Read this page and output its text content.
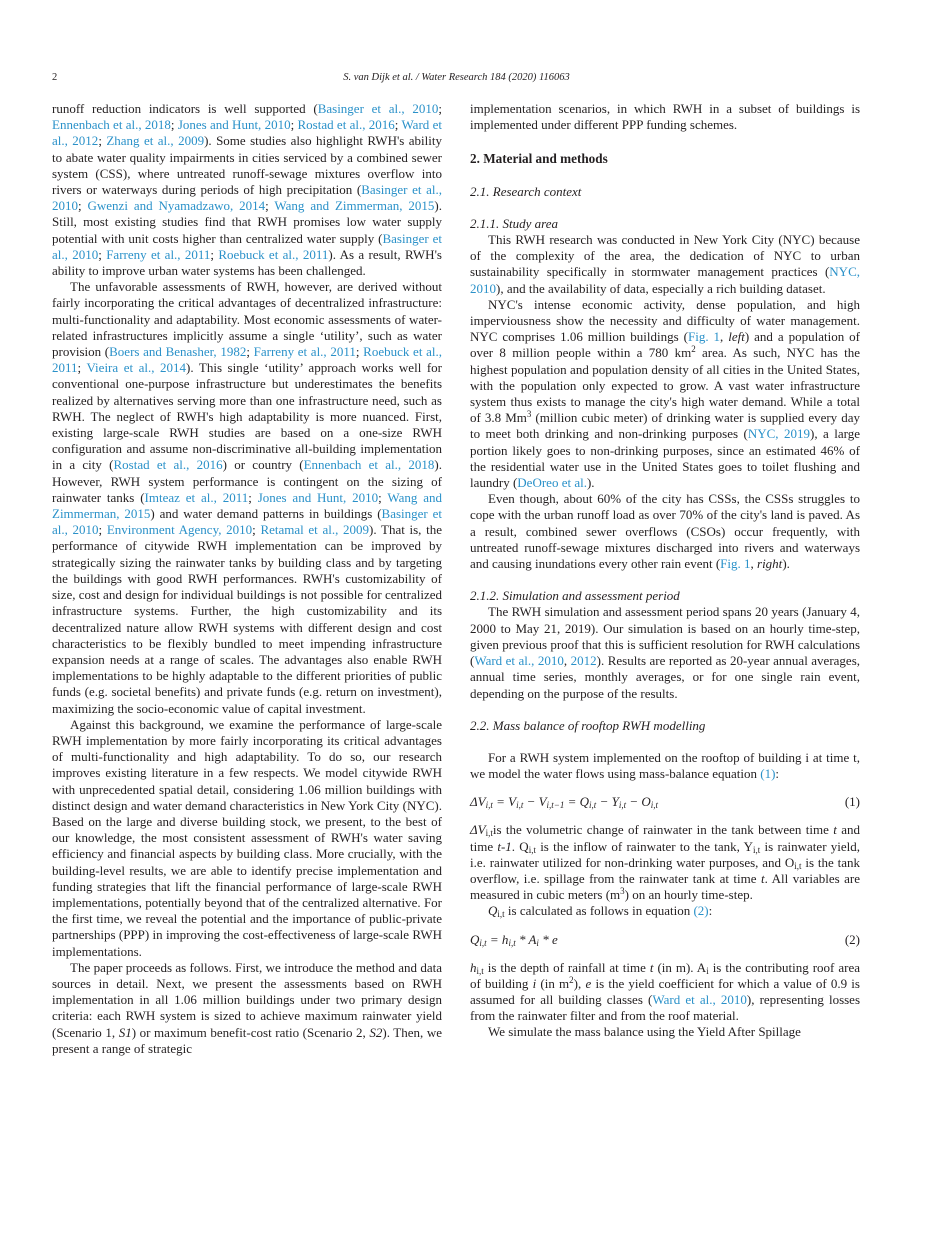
2	S. van Dijk et al. / Water Research 184 (2020) 116063

runoff reduction indicators is well supported (Basinger et al., 2010; Ennenbach et al., 2018; Jones and Hunt, 2010; Rostad et al., 2016; Ward et al., 2012; Zhang et al., 2009). Some studies also highlight RWH's ability to abate water quality impairments in cities serviced by a combined sewer system (CSS), where untreated runoff-sewage mixtures overflow into rivers or waterways during periods of high precipitation (Basinger et al., 2010; Gwenzi and Nyamadzawo, 2014; Wang and Zimmerman, 2015). Still, most existing studies find that RWH promises low water supply potential with unit costs higher than centralized water supply (Basinger et al., 2010; Farreny et al., 2011; Roebuck et al., 2011). As a result, RWH's ability to improve urban water systems has been challenged.

The unfavorable assessments of RWH, however, are derived without fairly incorporating the critical advantages of decentralized infrastructure: multi-functionality and adaptability. Most economic assessments of water-related infrastructures implicitly assume a single ‘utility’, such as water provision (Boers and Benasher, 1982; Farreny et al., 2011; Roebuck et al., 2011; Vieira et al., 2014). This single ‘utility’ approach works well for conventional one-purpose infrastructure but underestimates the benefits realized by alternatives serving more than one infrastructure need, such as RWH. The neglect of RWH's high adaptability is more nuanced. First, existing large-scale RWH studies are based on a one-size RWH configuration and assume non-discriminative all-building implementation in a city (Rostad et al., 2016) or country (Ennenbach et al., 2018). However, RWH system performance is contingent on the sizing of rainwater tanks (Imteaz et al., 2011; Jones and Hunt, 2010; Wang and Zimmerman, 2015) and water demand patterns in buildings (Basinger et al., 2010; Environment Agency, 2010; Retamal et al., 2009). That is, the performance of citywide RWH implementation can be improved by strategically sizing the rainwater tanks by building class and by targeting the buildings with good RWH performances. RWH's customizability of size, cost and design for individual buildings is not possible for centralized infrastructure systems. Further, the high customizability and its decentralized nature allow RWH systems with different design and cost characteristics to be flexibly bundled to meet impending infrastructure expansion needs at a range of scales. The advantages also enable RWH implementations to be highly adaptable to the different priorities of public funds (e.g. societal benefits) and private funds (e.g. return on investment), maximizing the socio-economic value of capital investment.

Against this background, we examine the performance of large-scale RWH implementation by more fairly incorporating its critical advantages of multi-functionality and high adaptability. To do so, our research improves existing literature in a few respects. We model citywide RWH with unprecedented spatial detail, considering 1.06 million buildings with distinct design and water demand characteristics in New York City (NYC). Based on the large and diverse building stock, we present, to the best of our knowledge, the most consistent assessment of RWH's water saving efficiency and financial aspects by building class. More crucially, with the building-level results, we are able to identify precise implementation and funding strategies that lift the financial performance of large-scale RWH implementations, potentially beyond that of the centralized alternative. For the first time, we reveal the potential and the importance of public-private partnerships (PPP) in improving the cost-effectiveness of large-scale RWH implementations.

The paper proceeds as follows. First, we introduce the method and data sources in detail. Next, we present the assessments based on RWH implementation in all 1.06 million buildings under two primary design criteria: each RWH system is sized to achieve maximum rainwater yield (Scenario 1, S1) or maximum benefit-cost ratio (Scenario 2, S2). Then, we present a range of strategic

implementation scenarios, in which RWH in a subset of buildings is implemented under different PPP funding schemes.

2. Material and methods
2.1. Research context
2.1.1. Study area

This RWH research was conducted in New York City (NYC) because of the complexity of the area, the dedication of NYC to urban sustainability specifically in stormwater management practices (NYC, 2010), and the availability of data, especially a rich building dataset.

NYC's intense economic activity, dense population, and high imperviousness show the necessity and difficulty of water management. NYC comprises 1.06 million buildings (Fig. 1, left) and a population of over 8 million people within a 780 $km^2$ area. As such, NYC has the highest population and population density of all cities in the United States, with the population only expected to grow. A vast water infrastructure system thus exists to manage the city's high water demand. While a total of 3.8 Mm$^3$ (million cubic meter) of drinking water is supplied every day to meet both drinking and non-drinking purposes (NYC, 2019), a large portion likely goes to non-drinking purposes, since an estimated 46% of the residential water use in the United States goes to toilet flushing and laundry (DeOreo et al.).

Even though, about 60% of the city has CSSs, the CSSs struggles to cope with the urban runoff load as over 70% of the city's land is paved. As a result, combined sewer overflows (CSOs) occur frequently, with untreated runoff-sewage mixtures discharged into rivers and waterways and causing inundations every other rain event (Fig. 1, right).

2.1.2. Simulation and assessment period

The RWH simulation and assessment period spans 20 years (January 4, 2000 to May 21, 2019). Our simulation is based on an hourly time-step, given previous proof that this is sufficient resolution for RWH calculations (Ward et al., 2010, 2012). Results are reported as 20-year annual averages, annual time series, monthly averages, or for one single rain event, depending on the purpose of the results.

2.2. Mass balance of rooftop RWH modelling

For a RWH system implemented on the rooftop of building i at time t, we model the water flows using mass-balance equation (1):

$\Delta V_{i,t} = V_{i,t} - V_{i,t-1} = Q_{i,t} - Y_{i,t} - O_{i,t}$	(1)

$\Delta V_{i,t}is$ the volumetric change of rainwater in the tank between time t and time t-1. $Q_{i,t}$ is the inflow of rainwater to the tank, $Y_{i,t}$ is rainwater yield, i.e. rainwater utilized for non-drinking water purposes, and $O_{i,t}$ is the tank overflow, i.e. spillage from the rainwater tank at time t. All variables are measured in cubic meters $(m^3)$ on an hourly time-step.

$Q_{i,t}$ is calculated as follows in equation (2):

$Q_{i,t} = h_{i,t} * A_i * e$	(2)

$h_{i,t}$ is the depth of rainfall at time t (in m). $A_i$ is the contributing roof area of building i (in $m^2$), e is the yield coefficient for which a value of 0.9 is assumed for all building classes (Ward et al., 2010), representing losses from the rainwater filter and from the roof material.

We simulate the mass balance using the Yield After Spillage
